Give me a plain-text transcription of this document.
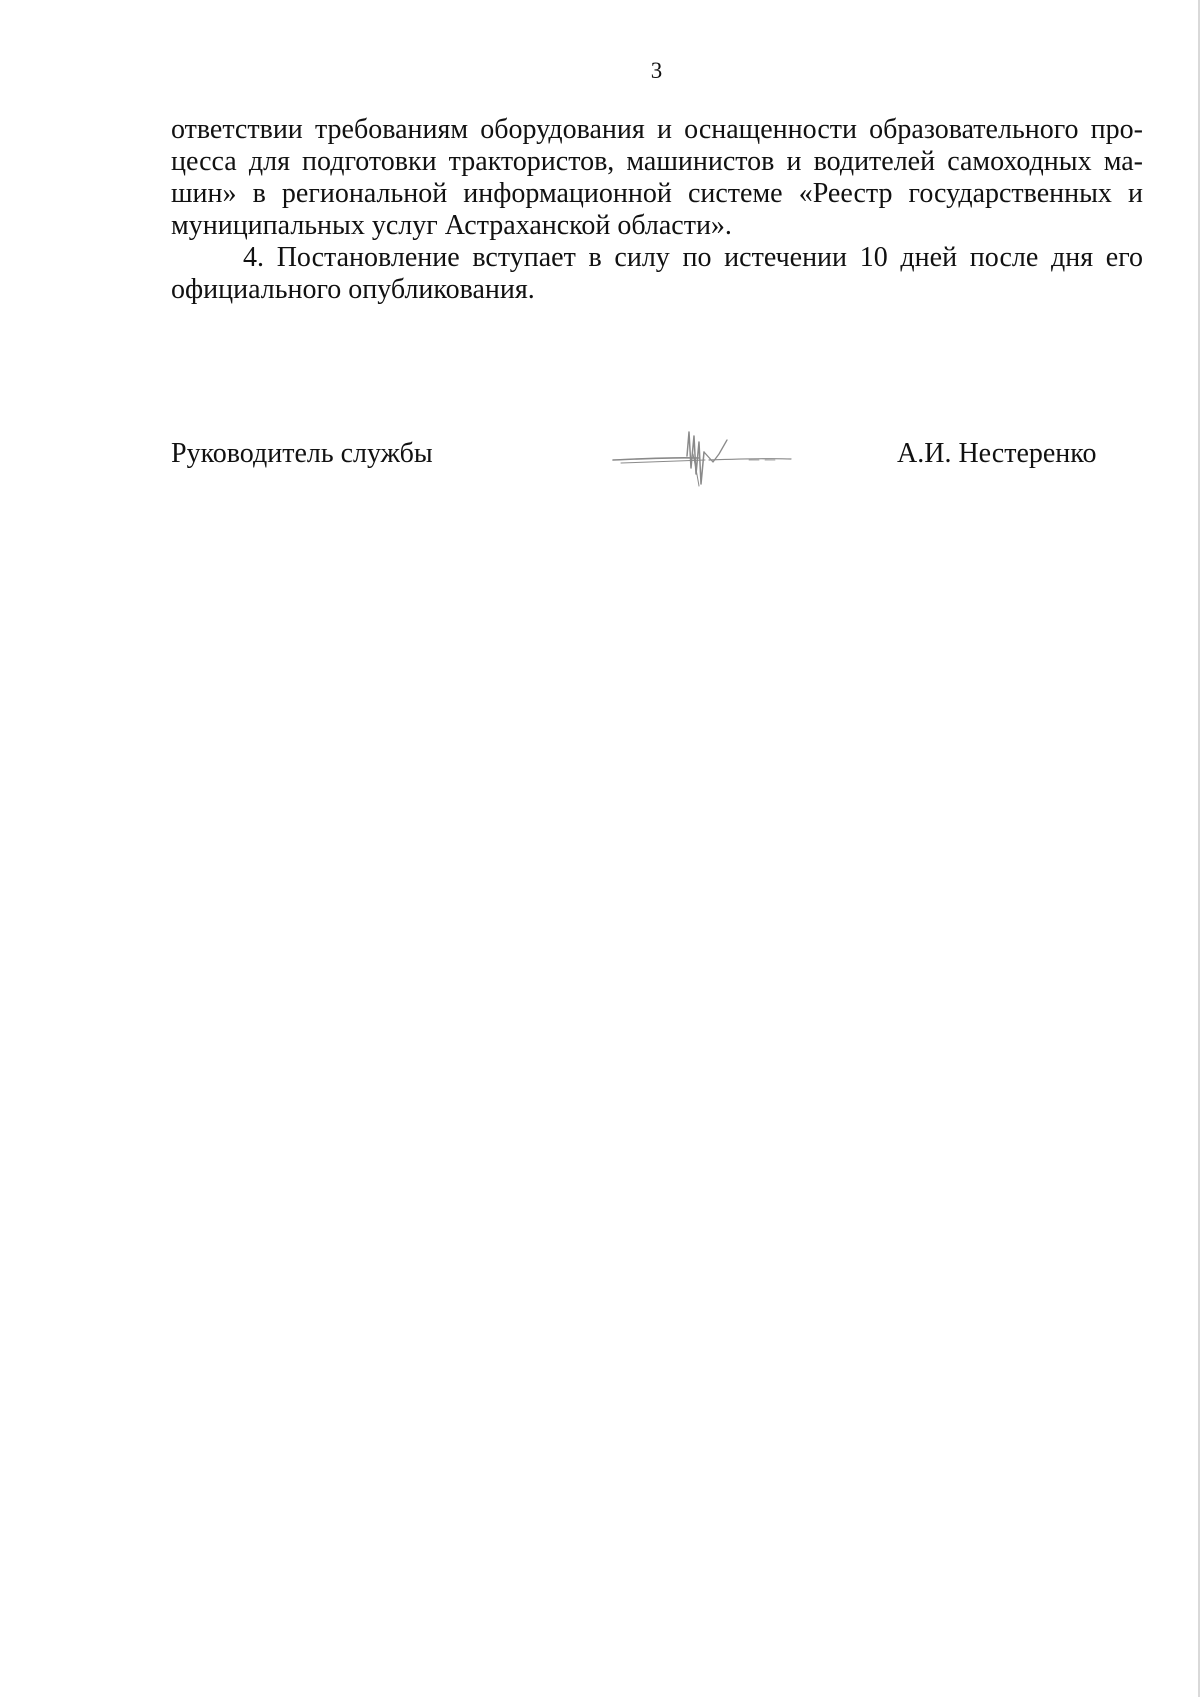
3

ответствии требованиям оборудования и оснащенности образовательного про-цесса для подготовки трактористов, машинистов и водителей самоходных ма-шин» в региональной информационной системе «Реестр государственных и муниципальных услуг Астраханской области».

4. Постановление вступает в силу по истечении 10 дней после дня его официального опубликования.

Руководитель службы	А.И. Нестеренко
